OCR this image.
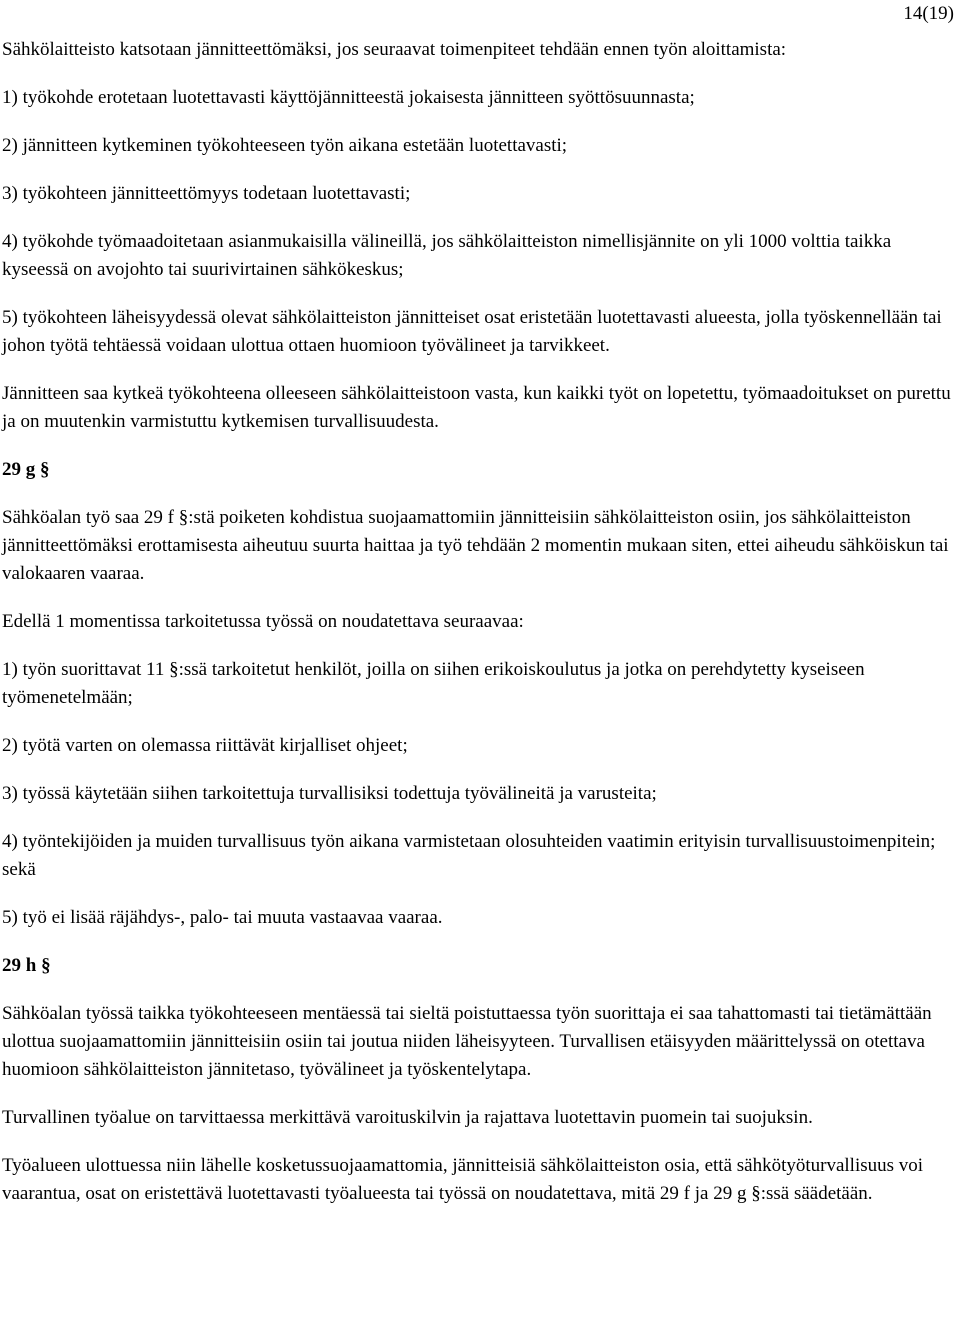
14(19)

Sähkölaitteisto katsotaan jännitteettömäksi, jos seuraavat toimenpiteet tehdään ennen työn aloittamista:

1) työkohde erotetaan luotettavasti käyttöjännitteestä jokaisesta jännitteen syöttösuunnasta;

2) jännitteen kytkeminen työkohteeseen työn aikana estetään luotettavasti;

3) työkohteen jännitteettömyys todetaan luotettavasti;

4) työkohde työmaadoitetaan asianmukaisilla välineillä, jos sähkölaitteiston nimellisjännite on yli 1000 volttia taikka kyseessä on avojohto tai suurivirtainen sähkökeskus;

5) työkohteen läheisyydessä olevat sähkölaitteiston jännitteiset osat eristetään luotettavasti alueesta, jolla työskennellään tai johon työtä tehtäessä voidaan ulottua ottaen huomioon työvälineet ja tarvikkeet.

Jännitteen saa kytkeä työkohteena olleeseen sähkölaitteistoon vasta, kun kaikki työt on lopetettu, työmaadoitukset on purettu ja on muutenkin varmistuttu kytkemisen turvallisuudesta.

29 g §

Sähköalan työ saa 29 f §:stä poiketen kohdistua suojaamattomiin jännitteisiin sähkölaitteiston osiin, jos sähkölaitteiston jännitteettömäksi erottamisesta aiheutuu suurta haittaa ja työ tehdään 2 momentin mukaan siten, ettei aiheudu sähköiskun tai valokaaren vaaraa.

Edellä 1 momentissa tarkoitetussa työssä on noudatettava seuraavaa:

1) työn suorittavat 11 §:ssä tarkoitetut henkilöt, joilla on siihen erikoiskoulutus ja jotka on perehdytetty kyseiseen työmenetelmään;

2) työtä varten on olemassa riittävät kirjalliset ohjeet;

3) työssä käytetään siihen tarkoitettuja turvallisiksi todettuja työvälineitä ja varusteita;

4) työntekijöiden ja muiden turvallisuus työn aikana varmistetaan olosuhteiden vaatimin erityisin turvallisuustoimenpitein; sekä

5) työ ei lisää räjähdys-, palo- tai muuta vastaavaa vaaraa.

29 h §

Sähköalan työssä taikka työkohteeseen mentäessä tai sieltä poistuttaessa työn suorittaja ei saa tahattomasti tai tietämättään ulottua suojaamattomiin jännitteisiin osiin tai joutua niiden läheisyyteen. Turvallisen etäisyyden määrittelyssä on otettava huomioon sähkölaitteiston jännitetaso, työvälineet ja työskentelytapa.

Turvallinen työalue on tarvittaessa merkittävä varoituskilvin ja rajattava luotettavin puomein tai suojuksin.

Työalueen ulottuessa niin lähelle kosketussuojaamattomia, jännitteisiä sähkölaitteiston osia, että sähkötyöturvallisuus voi vaarantua, osat on eristettävä luotettavasti työalueesta tai työssä on noudatettava, mitä 29 f ja 29 g §:ssä säädetään.
